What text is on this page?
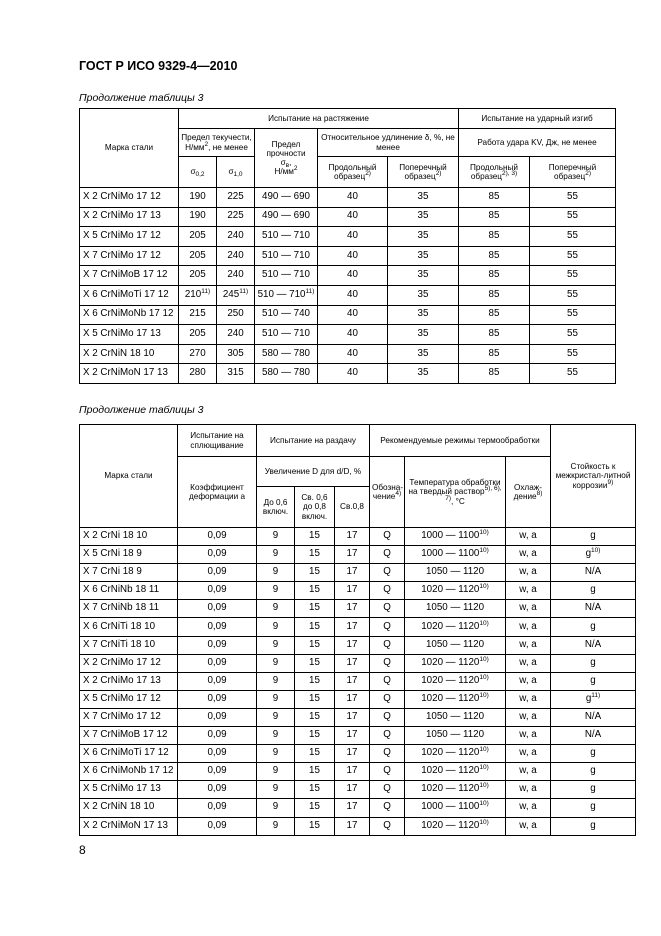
ГОСТ Р ИСО 9329-4—2010
Продолжение таблицы 3
Марка стали	Испытание на растяжение					Испытание на ударный изгиб	
	Предел текучести, $Н/мм^2$, не менее		Предел прочности
$\sigma_в$,
$Н/мм^2$	Относительное удлинение δ, %, не менее		Работа удара KV, Дж, не менее	
	$\sigma_{0,2}$	$\sigma_{1,0}$		Продольный образец$^{2)}$	Поперечный образец$^{2)}$	Продольный образец$^{2), 3)}$	Поперечный образец$^{2)}$
X 2 CrNiMo 17 12	190	225	490 — 690	40	35	85	55
X 2 CrNiMo 17 13	190	225	490 — 690	40	35	85	55
X 5 CrNiMo 17 12	205	240	510 — 710	40	35	85	55
X 7 CrNiMo 17 12	205	240	510 — 710	40	35	85	55
X 7 CrNiMoB 17 12	205	240	510 — 710	40	35	85	55
X 6 CrNiMoTi 17 12	210$^{11)}$	245$^{11)}$	510 — 710$^{11)}$	40	35	85	55
X 6 CrNiMoNb 17 12	215	250	510 — 740	40	35	85	55
X 5 CrNiMo 17 13	205	240	510 — 710	40	35	85	55
X 2 CrNiN 18 10	270	305	580 — 780	40	35	85	55
X 2 CrNiMoN 17 13	280	315	580 — 780	40	35	85	55
Продолжение таблицы 3
Марка стали	Испытание на сплющивание	Испытание на раздачу			Рекомендуемые режимы термообработки			Стойкость к межкристал-литной коррозии$^{9)}$
	Коэффициент деформации a	Увеличение D для d/D, %			Обозна-чение$^{4)}$	Температура обработки на твердый раствор$^{5), 6), 7)}$, °С	Охлаж-дение$^{8)}$
		До 0,6 включ.	Св. 0,6 до 0,8 включ.	Св.0,8				
X 2 CrNi 18 10	0,09	9	15	17	Q	1000 — 1100$^{10)}$	w, a	g
X 5 CrNi 18 9	0,09	9	15	17	Q	1000 — 1100$^{10)}$	w, a	$g^{10)}$
X 7 CrNi 18 9	0,09	9	15	17	Q	1050 — 1120	w, a	N/A
X 6 CrNiNb 18 11	0,09	9	15	17	Q	1020 — 1120$^{10)}$	w, a	g
X 7 CrNiNb 18 11	0,09	9	15	17	Q	1050 — 1120	w, a	N/A
X 6 CrNiTi 18 10	0,09	9	15	17	Q	1020 — 1120$^{10)}$	w, a	g
X 7 CrNiTi 18 10	0,09	9	15	17	Q	1050 — 1120	w, a	N/A
X 2 CrNiMo 17 12	0,09	9	15	17	Q	1020 — 1120$^{10)}$	w, a	g
X 2 CrNiMo 17 13	0,09	9	15	17	Q	1020 — 1120$^{10)}$	w, a	g
X 5 CrNiMo 17 12	0,09	9	15	17	Q	1020 — 1120$^{10)}$	w, a	$g^{11)}$
X 7 CrNiMo 17 12	0,09	9	15	17	Q	1050 — 1120	w, a	N/A
X 7 CrNiMoB 17 12	0,09	9	15	17	Q	1050 — 1120	w, a	N/A
X 6 CrNiMoTi 17 12	0,09	9	15	17	Q	1020 — 1120$^{10)}$	w, a	g
X 6 CrNiMoNb 17 12	0,09	9	15	17	Q	1020 — 1120$^{10)}$	w, a	g
X 5 CrNiMo 17 13	0,09	9	15	17	Q	1020 — 1120$^{10)}$	w, a	g
X 2 CrNiN 18 10	0,09	9	15	17	Q	1000 — 1100$^{10)}$	w, a	g
X 2 CrNiMoN 17 13	0,09	9	15	17	Q	1020 — 1120$^{10)}$	w, a	g
8
